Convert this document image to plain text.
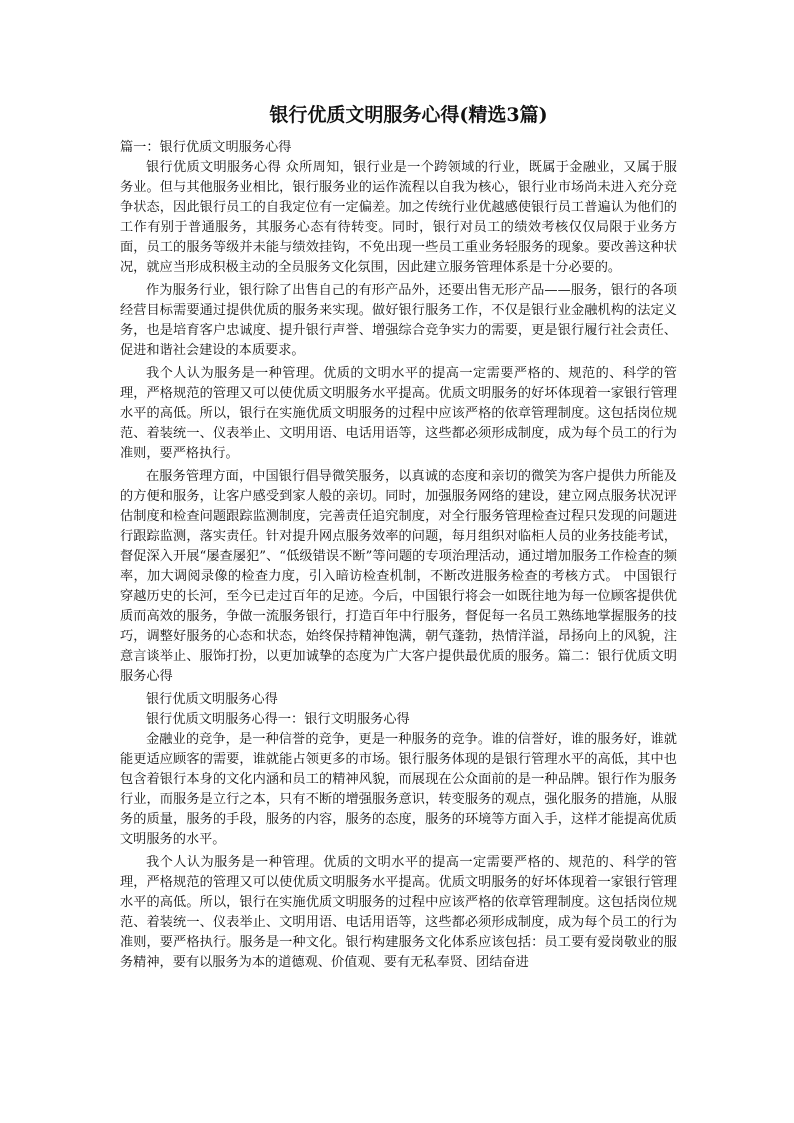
银行优质文明服务心得(精选3篇)
篇一：银行优质文明服务心得

银行优质文明服务心得 众所周知，银行业是一个跨领域的行业，既属于金融业，又属于服务业。但与其他服务业相比，银行服务业的运作流程以自我为核心，银行业市场尚未进入充分竞争状态，因此银行员工的自我定位有一定偏差。加之传统行业优越感使银行员工普遍认为他们的工作有别于普通服务，其服务心态有待转变。同时，银行对员工的绩效考核仅仅局限于业务方面，员工的服务等级并未能与绩效挂钩，不免出现一些员工重业务轻服务的现象。要改善这种状况，就应当形成积极主动的全员服务文化氛围，因此建立服务管理体系是十分必要的。

作为服务行业，银行除了出售自己的有形产品外，还要出售无形产品——服务，银行的各项经营目标需要通过提供优质的服务来实现。做好银行服务工作，不仅是银行业金融机构的法定义务，也是培育客户忠诚度、提升银行声誉、增强综合竞争实力的需要，更是银行履行社会责任、促进和谐社会建设的本质要求。

我个人认为服务是一种管理。优质的文明水平的提高一定需要严格的、规范的、科学的管理，严格规范的管理又可以使优质文明服务水平提高。优质文明服务的好坏体现着一家银行管理水平的高低。所以，银行在实施优质文明服务的过程中应该严格的依章管理制度。这包括岗位规范、着装统一、仪表举止、文明用语、电话用语等，这些都必须形成制度，成为每个员工的行为准则，要严格执行。

在服务管理方面，中国银行倡导微笑服务，以真诚的态度和亲切的微笑为客户提供力所能及的方便和服务，让客户感受到家人般的亲切。同时，加强服务网络的建设，建立网点服务状况评估制度和检查问题跟踪监测制度，完善责任追究制度，对全行服务管理检查过程只发现的问题进行跟踪监测，落实责任。针对提升网点服务效率的问题，每月组织对临柜人员的业务技能考试，督促深入开展“屡查屡犯”、“低级错误不断”等问题的专项治理活动，通过增加服务工作检查的频率，加大调阅录像的检查力度，引入暗访检查机制，不断改进服务检查的考核方式。 中国银行穿越历史的长河，至今已走过百年的足迹。今后，中国银行将会一如既往地为每一位顾客提供优质而高效的服务，争做一流服务银行，打造百年中行服务，督促每一名员工熟练地掌握服务的技巧，调整好服务的心态和状态，始终保持精神饱满，朝气蓬勃，热情洋溢，昂扬向上的风貌，注意言谈举止、服饰打扮，以更加诚挚的态度为广大客户提供最优质的服务。篇二：银行优质文明服务心得

银行优质文明服务心得
银行优质文明服务心得一：银行文明服务心得

金融业的竞争，是一种信誉的竞争，更是一种服务的竞争。谁的信誉好，谁的服务好，谁就能更适应顾客的需要，谁就能占领更多的市场。银行服务体现的是银行管理水平的高低，其中也包含着银行本身的文化内涵和员工的精神风貌，而展现在公众面前的是一种品牌。银行作为服务行业，而服务是立行之本，只有不断的增强服务意识，转变服务的观点，强化服务的措施，从服务的质量，服务的手段，服务的内容，服务的态度，服务的环境等方面入手，这样才能提高优质文明服务的水平。

我个人认为服务是一种管理。优质的文明水平的提高一定需要严格的、规范的、科学的管理，严格规范的管理又可以使优质文明服务水平提高。优质文明服务的好坏体现着一家银行管理水平的高低。所以，银行在实施优质文明服务的过程中应该严格的依章管理制度。这包括岗位规范、着装统一、仪表举止、文明用语、电话用语等，这些都必须形成制度，成为每个员工的行为准则，要严格执行。服务是一种文化。银行构建服务文化体系应该包括：员工要有爱岗敬业的服务精神，要有以服务为本的道德观、价值观、要有无私奉贤、团结奋进
